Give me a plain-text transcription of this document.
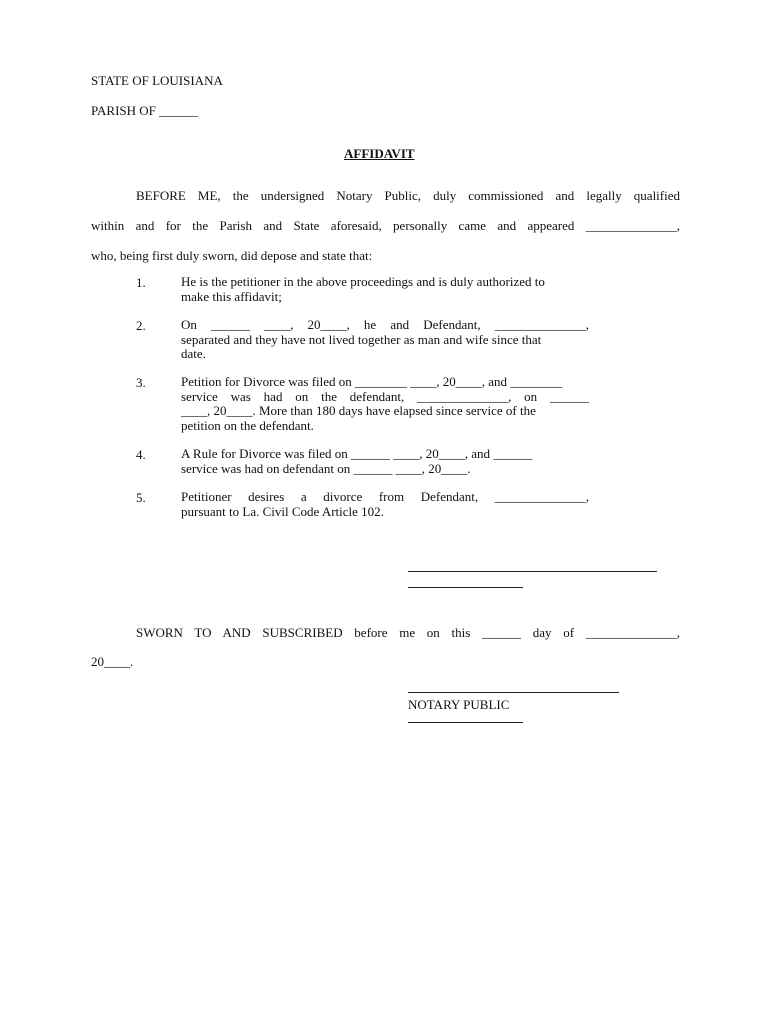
STATE OF LOUISIANA
PARISH OF ______
AFFIDAVIT
BEFORE ME, the undersigned Notary Public, duly commissioned and legally qualified
within and for the Parish and State aforesaid, personally came and appeared ______________,
who, being first duly sworn, did depose and state that:
1.	He is the petitioner in the above proceedings and is duly authorized to
make this affidavit;
2.	On ______ ____, 20____, he and Defendant, ______________,
separated and they have not lived together as man and wife since that
date.
3.	Petition for Divorce was filed on ________ ____, 20____, and ________
service was had on the defendant, ______________, on ______
____, 20____. More than 180 days have elapsed since service of the
petition on the defendant.
4.	A Rule for Divorce was filed on ______ ____, 20____, and ______
service was had on defendant on ______ ____, 20____.
5.	Petitioner desires a divorce from Defendant, ______________,
pursuant to La. Civil Code Article 102.
SWORN TO AND SUBSCRIBED before me on this ______ day of ______________,
20____.
NOTARY PUBLIC
